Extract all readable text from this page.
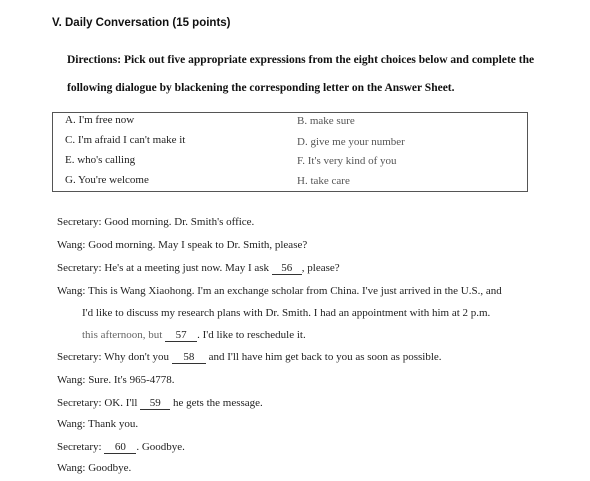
V. Daily Conversation (15 points)
Directions: Pick out five appropriate expressions from the eight choices below and complete the following dialogue by blackening the corresponding letter on the Answer Sheet.
A. I'm free now	B. make sure
C. I'm afraid I can't make it	D. give me your number
E. who's calling	F. It's very kind of you
G. You're welcome	H. take care
Secretary: Good morning. Dr. Smith's office.
Wang: Good morning. May I speak to Dr. Smith, please?
Secretary: He's at a meeting just now. May I ask 56 , please?
Wang: This is Wang Xiaohong. I'm an exchange scholar from China. I've just arrived in the U.S., and
I'd like to discuss my research plans with Dr. Smith. I had an appointment with him at 2 p.m.
this afternoon, but 57 . I'd like to reschedule it.
Secretary: Why don't you 58 and I'll have him get back to you as soon as possible.
Wang: Sure. It's 965-4778.
Secretary: OK. I'll 59 he gets the message.
Wang: Thank you.
Secretary: 60 . Goodbye.
Wang: Goodbye.
